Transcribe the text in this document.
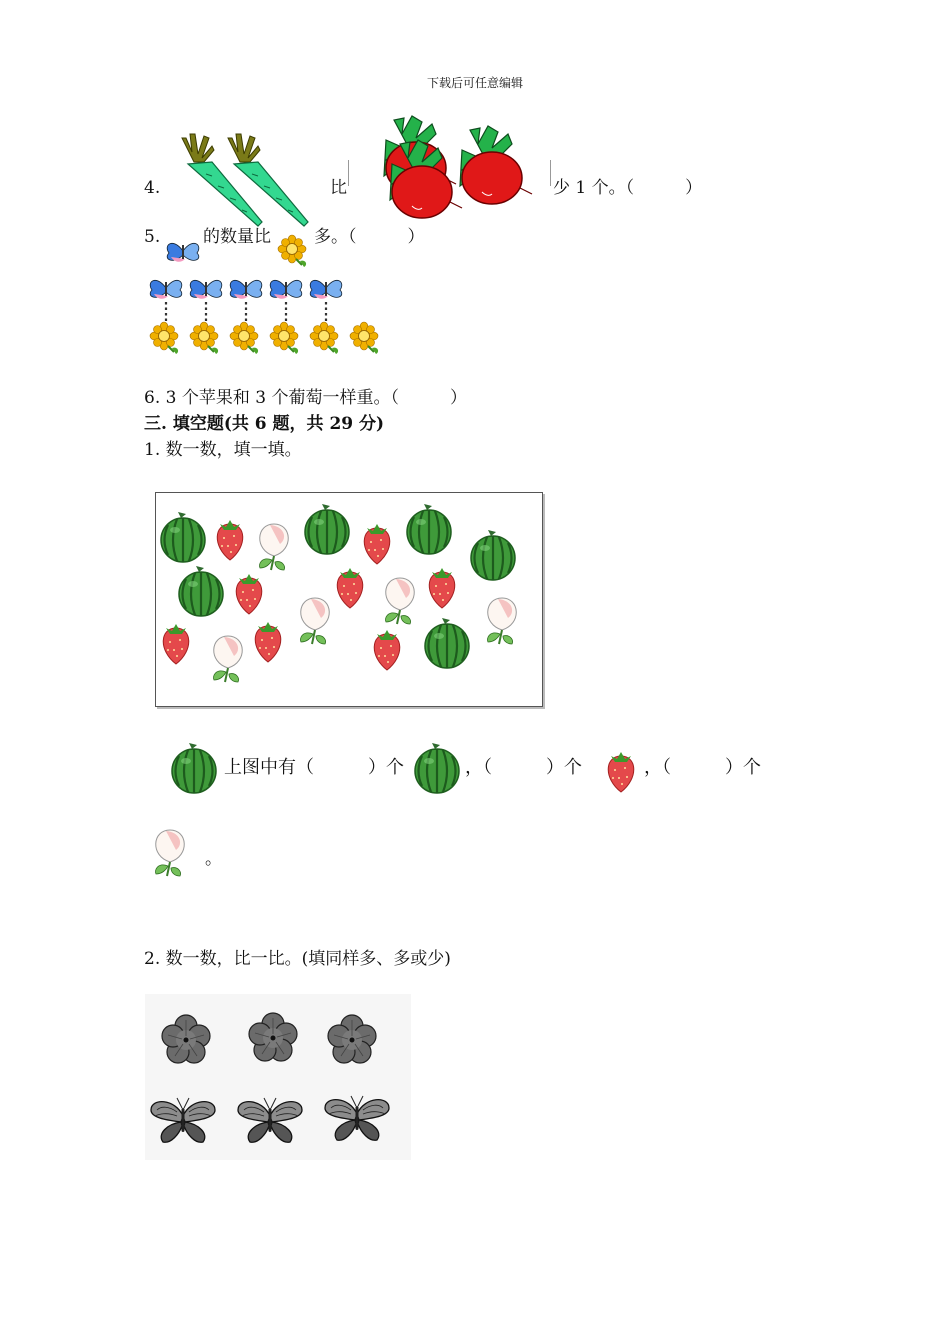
下载后可任意编辑
4.	比	少 1 个。（　　　）
5.	的数量比	多。（　　　）
6. 3 个苹果和 3 个葡萄一样重。（　　　）
三. 填空题(共 6 题，共 29 分)
1. 数一数，填一填。
上图中有（　　　）个	，（　　　）个	，（　　　）个
。
2. 数一数，比一比。(填同样多、多或少)
